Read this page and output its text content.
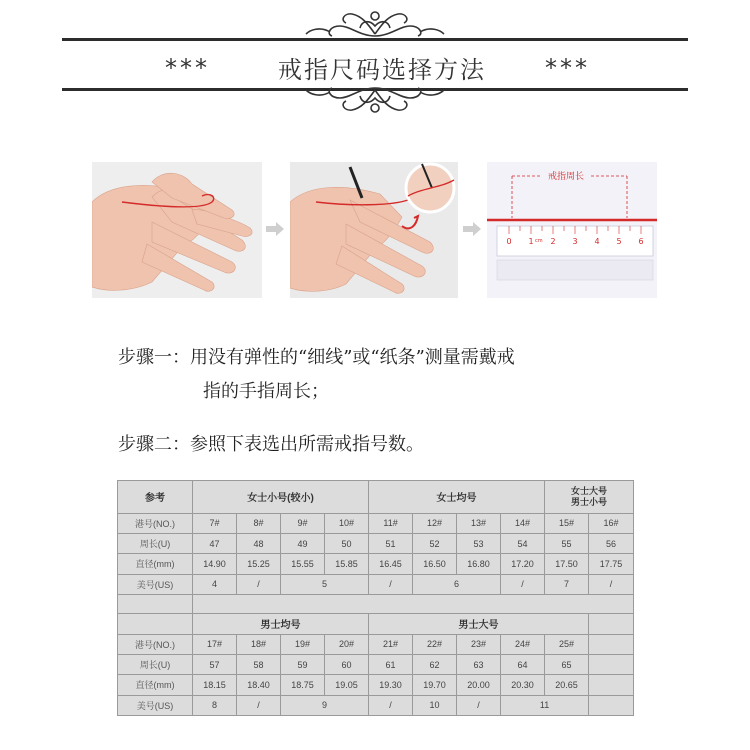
***	戒指尺码选择方法	***
戒指周长
0 1 2 3 4 5 6
cm
步骤一：用没有弹性的“细线”或“纸条”测量需戴戒
指的手指周长；
步骤二：参照下表选出所需戒指号数。
参考	女士小号(较小)				女士均号				女士大号
男士小号	

港号(NO.)	7#	8#	9#	10#	11#	12#	13#	14#	15#	16#
周长(U)	47	48	49	50	51	52	53	54	55	56
直径(mm)	14.90	15.25	15.55	15.85	16.45	16.50	16.80	17.20	17.50	17.75
美号(US)	4	/	5		/	6		/	7	/

	男士均号				男士大号					
港号(NO.)	17#	18#	19#	20#	21#	22#	23#	24#	25#	
周长(U)	57	58	59	60	61	62	63	64	65	
直径(mm)	18.15	18.40	18.75	19.05	19.30	19.70	20.00	20.30	20.65	
美号(US)	8	/	9		/	10	/	11		
